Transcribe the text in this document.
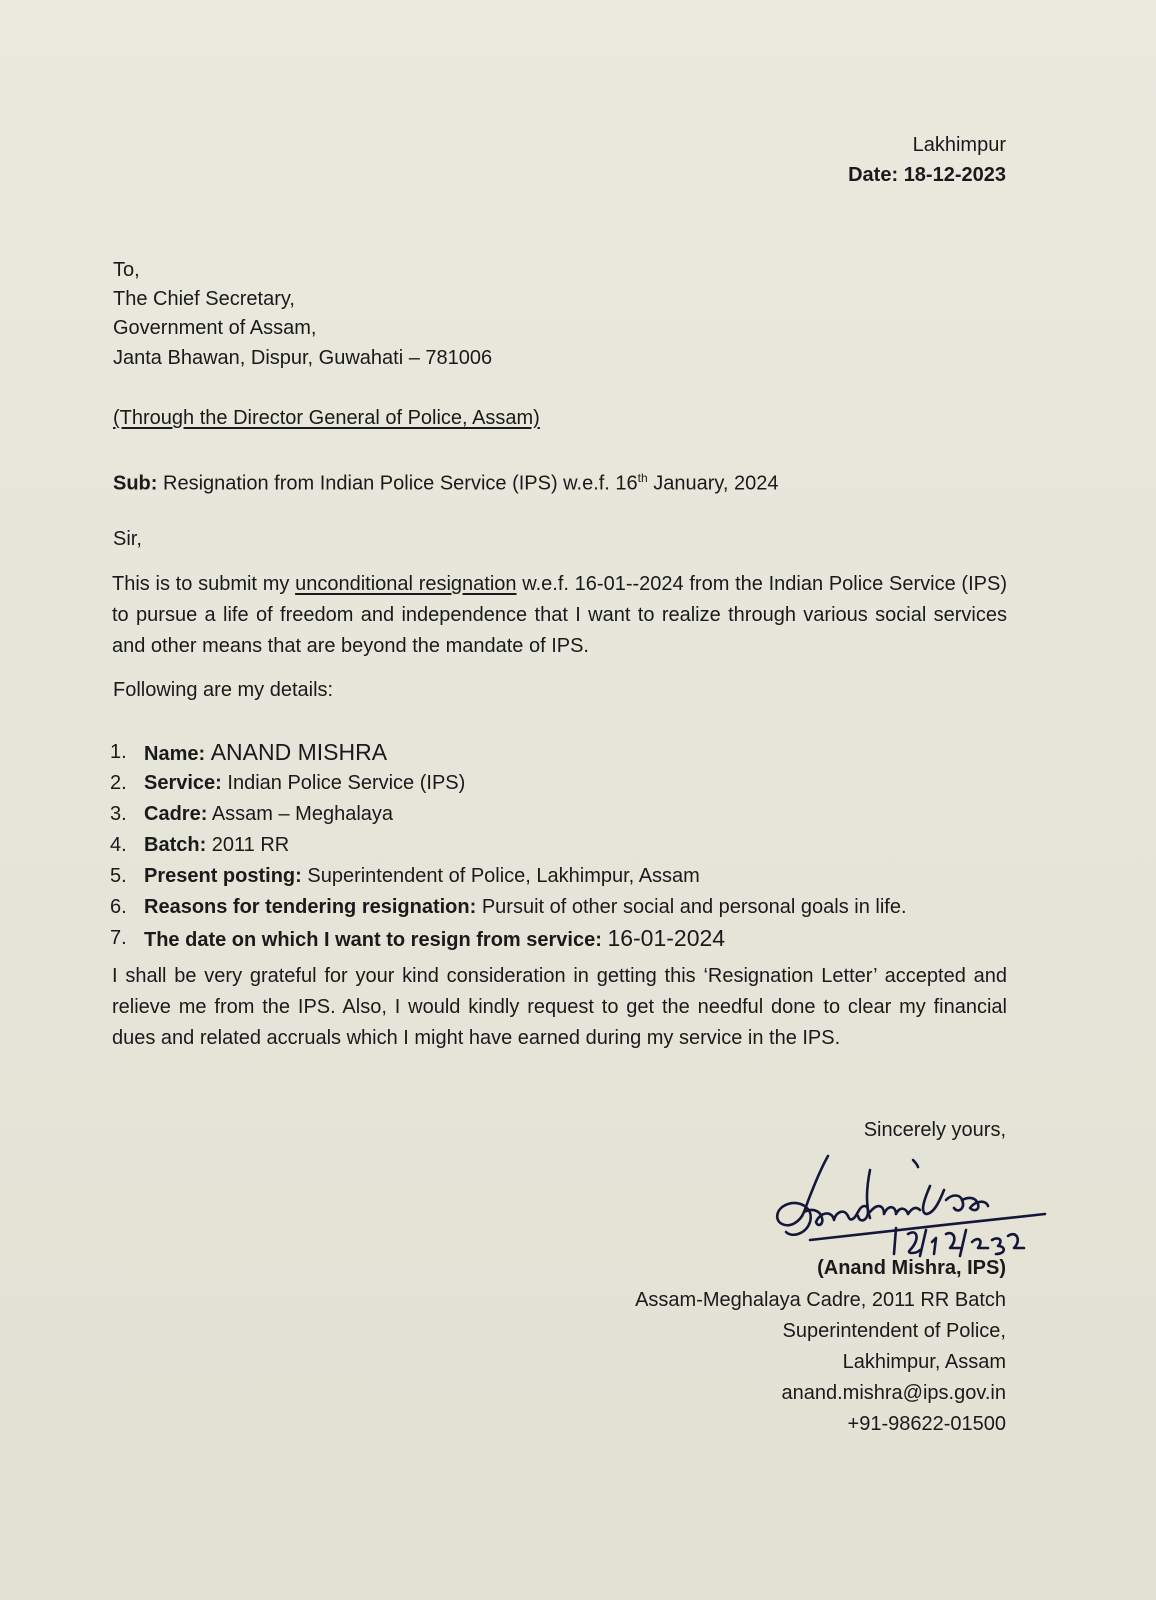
Lakhimpur
Date: 18-12-2023
To,
The Chief Secretary,
Government of Assam,
Janta Bhawan, Dispur, Guwahati – 781006
(Through the Director General of Police, Assam)
Sub: Resignation from Indian Police Service (IPS) w.e.f. 16th January, 2024
Sir,
This is to submit my unconditional resignation w.e.f. 16-01--2024 from the Indian Police Service (IPS) to pursue a life of freedom and independence that I want to realize through various social services and other means that are beyond the mandate of IPS.
Following are my details:
1. Name: ANAND MISHRA
2. Service: Indian Police Service (IPS)
3. Cadre: Assam – Meghalaya
4. Batch: 2011 RR
5. Present posting: Superintendent of Police, Lakhimpur, Assam
6. Reasons for tendering resignation: Pursuit of other social and personal goals in life.
7. The date on which I want to resign from service: 16-01-2024
I shall be very grateful for your kind consideration in getting this ‘Resignation Letter’ accepted and relieve me from the IPS. Also, I would kindly request to get the needful done to clear my financial dues and related accruals which I might have earned during my service in the IPS.
Sincerely yours,
Anandmishra
(Anand Mishra, IPS)
Assam-Meghalaya Cadre, 2011 RR Batch
Superintendent of Police,
Lakhimpur, Assam
anand.mishra@ips.gov.in
+91-98622-01500
